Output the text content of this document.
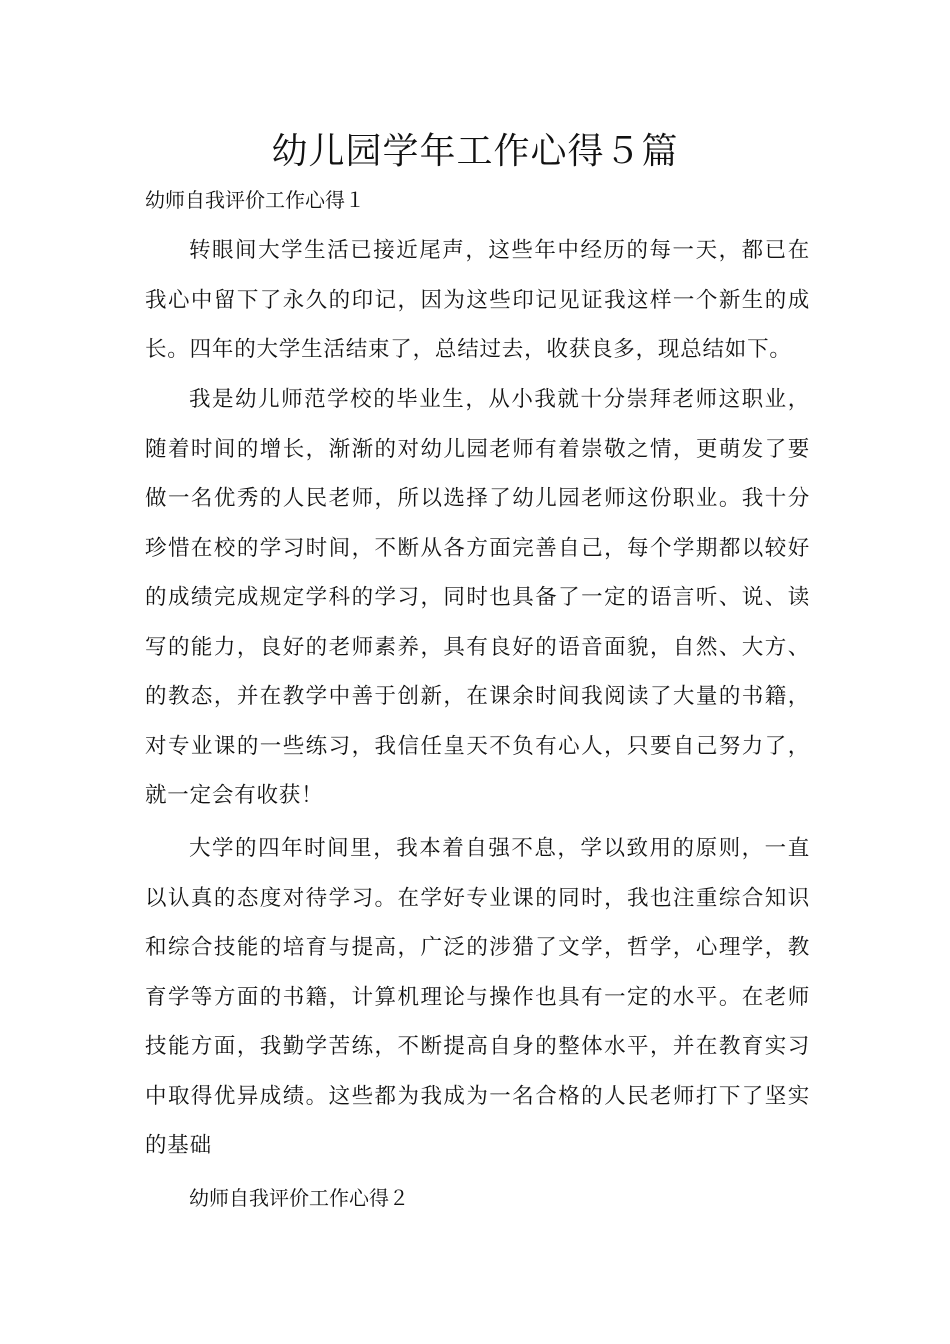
幼儿园学年工作心得５篇
幼师自我评价工作心得１

转眼间大学生活已接近尾声，这些年中经历的每一天，都已在我心中留下了永久的印记，因为这些印记见证我这样一个新生的成长。四年的大学生活结束了，总结过去，收获良多，现总结如下。

我是幼儿师范学校的毕业生，从小我就十分崇拜老师这职业，随着时间的增长，渐渐的对幼儿园老师有着崇敬之情，更萌发了要做一名优秀的人民老师，所以选择了幼儿园老师这份职业。我十分珍惜在校的学习时间，不断从各方面完善自己，每个学期都以较好的成绩完成规定学科的学习，同时也具备了一定的语言听、说、读写的能力，良好的老师素养，具有良好的语音面貌，自然、大方、的教态，并在教学中善于创新，在课余时间我阅读了大量的书籍，对专业课的一些练习，我信任皇天不负有心人，只要自己努力了，就一定会有收获！

大学的四年时间里，我本着自强不息，学以致用的原则，一直以认真的态度对待学习。在学好专业课的同时，我也注重综合知识和综合技能的培育与提高，广泛的涉猎了文学，哲学，心理学，教育学等方面的书籍，计算机理论与操作也具有一定的水平。在老师技能方面，我勤学苦练，不断提高自身的整体水平，并在教育实习中取得优异成绩。这些都为我成为一名合格的人民老师打下了坚实的基础

幼师自我评价工作心得２
